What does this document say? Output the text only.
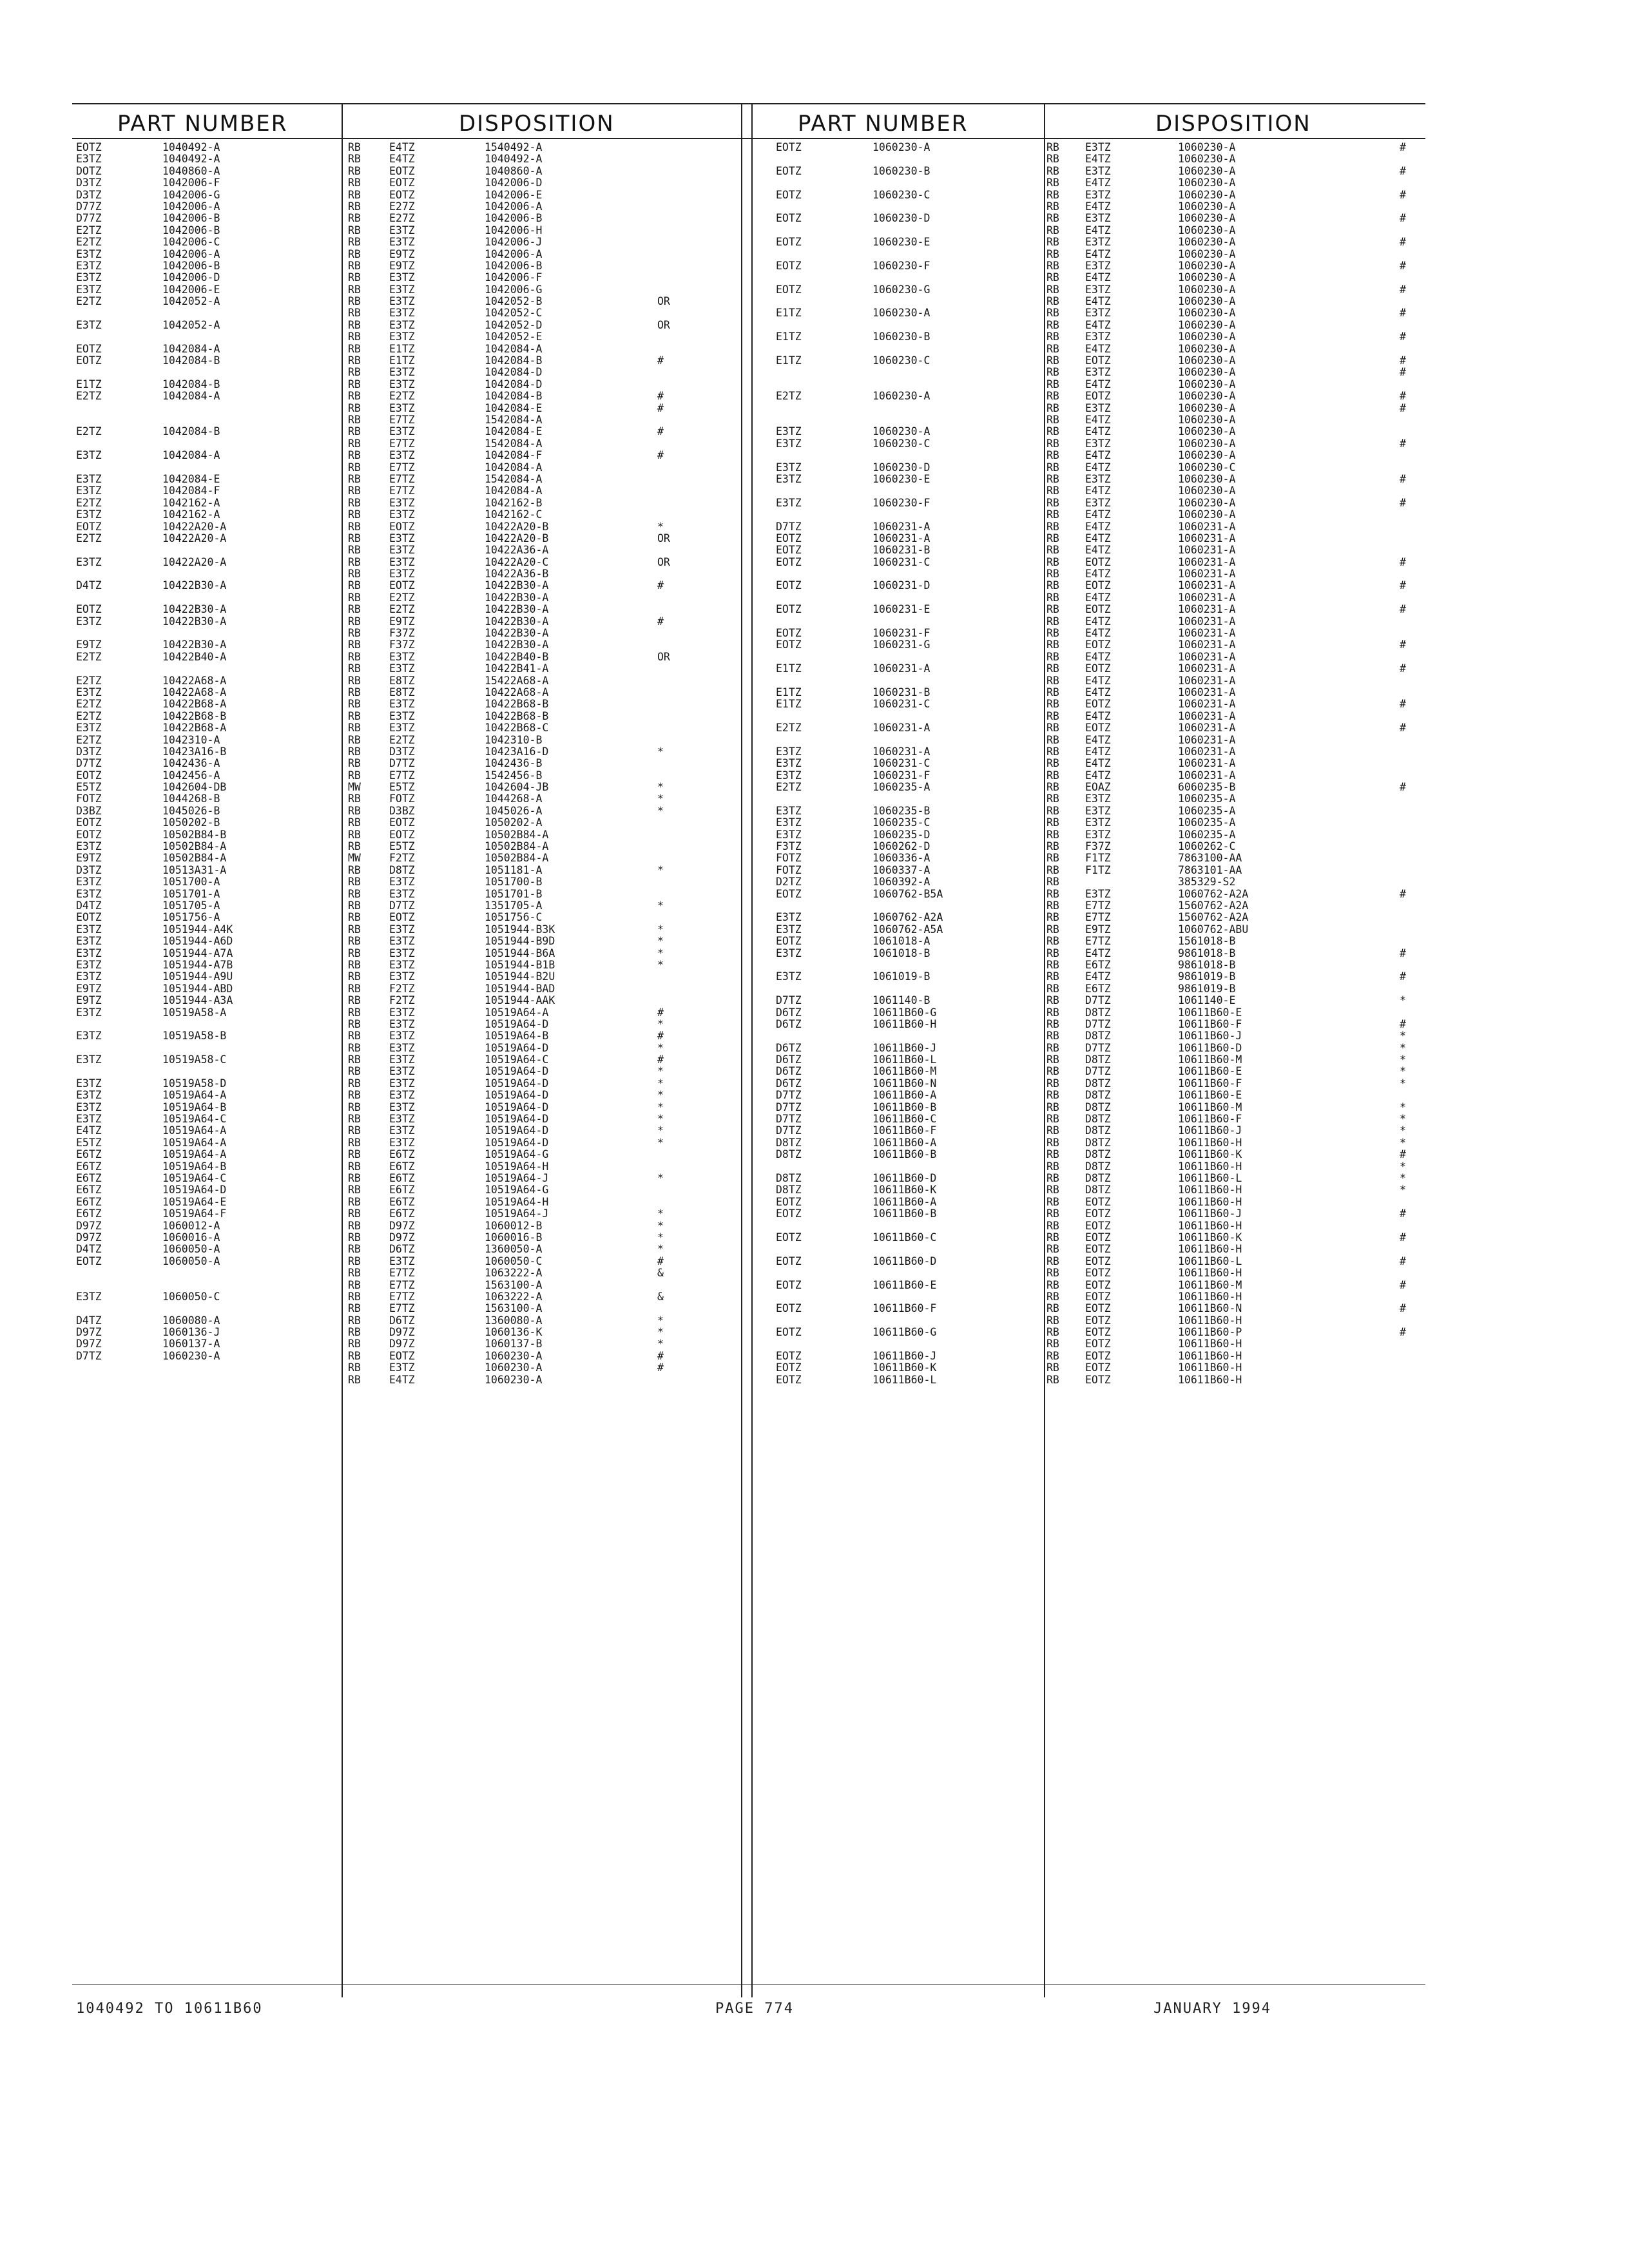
PART NUMBER	DISPOSITION
EOTZ	1040492-A	RB	E4TZ	1540492-A
E3TZ	1040492-A	RB	E4TZ	1040492-A
DOTZ	1040860-A	RB	EOTZ	1040860-A
D3TZ	1042006-F	RB	EOTZ	1042006-D
D3TZ	1042006-G	RB	EOTZ	1042006-E
D77Z	1042006-A	RB	E27Z	1042006-A
D77Z	1042006-B	RB	E27Z	1042006-B
E2TZ	1042006-B	RB	E3TZ	1042006-H
E2TZ	1042006-C	RB	E3TZ	1042006-J
E3TZ	1042006-A	RB	E9TZ	1042006-A
E3TZ	1042006-B	RB	E9TZ	1042006-B
E3TZ	1042006-D	RB	E3TZ	1042006-F
E3TZ	1042006-E	RB	E3TZ	1042006-G
E2TZ	1042052-A	RB	E3TZ	1042052-B	OR
RB	E3TZ	1042052-C
E3TZ	1042052-A	RB	E3TZ	1042052-D	OR
RB	E3TZ	1042052-E
EOTZ	1042084-A	RB	E1TZ	1042084-A
EOTZ	1042084-B	RB	E1TZ	1042084-B	#
RB	E3TZ	1042084-D
E1TZ	1042084-B	RB	E3TZ	1042084-D
E2TZ	1042084-A	RB	E2TZ	1042084-B	#
RB	E3TZ	1042084-E	#
RB	E7TZ	1542084-A
E2TZ	1042084-B	RB	E3TZ	1042084-E	#
RB	E7TZ	1542084-A
E3TZ	1042084-A	RB	E3TZ	1042084-F	#
RB	E7TZ	1042084-A
E3TZ	1042084-E	RB	E7TZ	1542084-A
E3TZ	1042084-F	RB	E7TZ	1042084-A
E2TZ	1042162-A	RB	E3TZ	1042162-B
E3TZ	1042162-A	RB	E3TZ	1042162-C
EOTZ	10422A20-A	RB	EOTZ	10422A20-B	*
E2TZ	10422A20-A	RB	E3TZ	10422A20-B	OR
RB	E3TZ	10422A36-A
E3TZ	10422A20-A	RB	E3TZ	10422A20-C	OR
RB	E3TZ	10422A36-B
D4TZ	10422B30-A	RB	EOTZ	10422B30-A	#
RB	E2TZ	10422B30-A
EOTZ	10422B30-A	RB	E2TZ	10422B30-A
E3TZ	10422B30-A	RB	E9TZ	10422B30-A	#
RB	F37Z	10422B30-A
E9TZ	10422B30-A	RB	F37Z	10422B30-A
E2TZ	10422B40-A	RB	E3TZ	10422B40-B	OR
RB	E3TZ	10422B41-A
E2TZ	10422A68-A	RB	E8TZ	15422A68-A
E3TZ	10422A68-A	RB	E8TZ	10422A68-A
E2TZ	10422B68-A	RB	E3TZ	10422B68-B
E2TZ	10422B68-B	RB	E3TZ	10422B68-B
E3TZ	10422B68-A	RB	E3TZ	10422B68-C
E2TZ	1042310-A	RB	E2TZ	1042310-B
D3TZ	10423A16-B	RB	D3TZ	10423A16-D	*
D7TZ	1042436-A	RB	D7TZ	1042436-B
EOTZ	1042456-A	RB	E7TZ	1542456-B
E5TZ	1042604-DB	MW	E5TZ	1042604-JB	*
FOTZ	1044268-B	RB	FOTZ	1044268-A	*
D3BZ	1045026-B	RB	D3BZ	1045026-A	*
EOTZ	1050202-B	RB	EOTZ	1050202-A
EOTZ	10502B84-B	RB	EOTZ	10502B84-A
E3TZ	10502B84-A	RB	E5TZ	10502B84-A
E9TZ	10502B84-A	MW	F2TZ	10502B84-A
D3TZ	10513A31-A	RB	D8TZ	1051181-A	*
E3TZ	1051700-A	RB	E3TZ	1051700-B
E3TZ	1051701-A	RB	E3TZ	1051701-B
D4TZ	1051705-A	RB	D7TZ	1351705-A	*
EOTZ	1051756-A	RB	EOTZ	1051756-C
E3TZ	1051944-A4K	RB	E3TZ	1051944-B3K	*
E3TZ	1051944-A6D	RB	E3TZ	1051944-B9D	*
E3TZ	1051944-A7A	RB	E3TZ	1051944-B6A	*
E3TZ	1051944-A7B	RB	E3TZ	1051944-B1B	*
E3TZ	1051944-A9U	RB	E3TZ	1051944-B2U
E9TZ	1051944-ABD	RB	F2TZ	1051944-BAD
E9TZ	1051944-A3A	RB	F2TZ	1051944-AAK
E3TZ	10519A58-A	RB	E3TZ	10519A64-A	#
RB	E3TZ	10519A64-D	*
E3TZ	10519A58-B	RB	E3TZ	10519A64-B	#
RB	E3TZ	10519A64-D	*
E3TZ	10519A58-C	RB	E3TZ	10519A64-C	#
RB	E3TZ	10519A64-D	*
E3TZ	10519A58-D	RB	E3TZ	10519A64-D	*
E3TZ	10519A64-A	RB	E3TZ	10519A64-D	*
E3TZ	10519A64-B	RB	E3TZ	10519A64-D	*
E3TZ	10519A64-C	RB	E3TZ	10519A64-D	*
E4TZ	10519A64-A	RB	E3TZ	10519A64-D	*
E5TZ	10519A64-A	RB	E3TZ	10519A64-D	*
E6TZ	10519A64-A	RB	E6TZ	10519A64-G
E6TZ	10519A64-B	RB	E6TZ	10519A64-H
E6TZ	10519A64-C	RB	E6TZ	10519A64-J	*
E6TZ	10519A64-D	RB	E6TZ	10519A64-G
E6TZ	10519A64-E	RB	E6TZ	10519A64-H
E6TZ	10519A64-F	RB	E6TZ	10519A64-J	*
D97Z	1060012-A	RB	D97Z	1060012-B	*
D97Z	1060016-A	RB	D97Z	1060016-B	*
D4TZ	1060050-A	RB	D6TZ	1360050-A	*
EOTZ	1060050-A	RB	E3TZ	1060050-C	#
RB	E7TZ	1063222-A	&
RB	E7TZ	1563100-A
E3TZ	1060050-C	RB	E7TZ	1063222-A	&
RB	E7TZ	1563100-A
D4TZ	1060080-A	RB	D6TZ	1360080-A	*
D97Z	1060136-J	RB	D97Z	1060136-K	*
D97Z	1060137-A	RB	D97Z	1060137-B	*
D7TZ	1060230-A	RB	EOTZ	1060230-A	#
RB	E3TZ	1060230-A	#
RB	E4TZ	1060230-A
PART NUMBER	DISPOSITION
EOTZ	1060230-A	RB E3TZ	1060230-A	#
RB E4TZ	1060230-A
EOTZ	1060230-B	RB E3TZ	1060230-A	#
RB E4TZ	1060230-A
EOTZ	1060230-C	RB E3TZ	1060230-A	#
RB E4TZ	1060230-A
EOTZ	1060230-D	RB E3TZ	1060230-A	#
RB E4TZ	1060230-A
EOTZ	1060230-E	RB E3TZ	1060230-A	#
RB E4TZ	1060230-A
EOTZ	1060230-F	RB E3TZ	1060230-A	#
RB E4TZ	1060230-A
EOTZ	1060230-G	RB E3TZ	1060230-A	#
RB E4TZ	1060230-A
E1TZ	1060230-A	RB E3TZ	1060230-A	#
RB E4TZ	1060230-A
E1TZ	1060230-B	RB E3TZ	1060230-A	#
RB E4TZ	1060230-A
E1TZ	1060230-C	RB EOTZ	1060230-A	#
RB E3TZ	1060230-A	#
RB E4TZ	1060230-A
E2TZ	1060230-A	RB EOTZ	1060230-A	#
RB E3TZ	1060230-A	#
RB E4TZ	1060230-A
E3TZ	1060230-A	RB E4TZ	1060230-A
E3TZ	1060230-C	RB E3TZ	1060230-A	#
RB E4TZ	1060230-A
E3TZ	1060230-D	RB E4TZ	1060230-C
E3TZ	1060230-E	RB E3TZ	1060230-A	#
RB E4TZ	1060230-A
E3TZ	1060230-F	RB E3TZ	1060230-A	#
RB E4TZ	1060230-A
D7TZ	1060231-A	RB E4TZ	1060231-A
EOTZ	1060231-A	RB E4TZ	1060231-A
EOTZ	1060231-B	RB E4TZ	1060231-A
EOTZ	1060231-C	RB EOTZ	1060231-A	#
RB E4TZ	1060231-A
EOTZ	1060231-D	RB EOTZ	1060231-A	#
RB E4TZ	1060231-A
EOTZ	1060231-E	RB EOTZ	1060231-A	#
RB E4TZ	1060231-A
EOTZ	1060231-F	RB E4TZ	1060231-A
EOTZ	1060231-G	RB EOTZ	1060231-A	#
RB E4TZ	1060231-A
E1TZ	1060231-A	RB EOTZ	1060231-A	#
RB E4TZ	1060231-A
E1TZ	1060231-B	RB E4TZ	1060231-A
E1TZ	1060231-C	RB EOTZ	1060231-A	#
RB E4TZ	1060231-A
E2TZ	1060231-A	RB EOTZ	1060231-A	#
RB E4TZ	1060231-A
E3TZ	1060231-A	RB E4TZ	1060231-A
E3TZ	1060231-C	RB E4TZ	1060231-A
E3TZ	1060231-F	RB E4TZ	1060231-A
E2TZ	1060235-A	RB EOAZ	6060235-B	#
RB E3TZ	1060235-A
E3TZ	1060235-B	RB E3TZ	1060235-A
E3TZ	1060235-C	RB E3TZ	1060235-A
E3TZ	1060235-D	RB E3TZ	1060235-A
F3TZ	1060262-D	RB F37Z	1060262-C
FOTZ	1060336-A	RB F1TZ	7863100-AA
FOTZ	1060337-A	RB F1TZ	7863101-AA
D2TZ	1060392-A	RB	385329-S2
EOTZ	1060762-B5A	RB E3TZ	1060762-A2A	#
RB E7TZ	1560762-A2A
E3TZ	1060762-A2A	RB E7TZ	1560762-A2A
E3TZ	1060762-A5A	RB E9TZ	1060762-ABU
EOTZ	1061018-A	RB E7TZ	1561018-B
E3TZ	1061018-B	RB E4TZ	9861018-B	#
RB E6TZ	9861018-B
E3TZ	1061019-B	RB E4TZ	9861019-B	#
RB E6TZ	9861019-B
D7TZ	1061140-B	RB D7TZ	1061140-E	*
D6TZ	10611B60-G	RB D8TZ	10611B60-E
D6TZ	10611B60-H	RB D7TZ	10611B60-F	#
RB D8TZ	10611B60-J	*
D6TZ	10611B60-J	RB D7TZ	10611B60-D	*
D6TZ	10611B60-L	RB D8TZ	10611B60-M	*
D6TZ	10611B60-M	RB D7TZ	10611B60-E	*
D6TZ	10611B60-N	RB D8TZ	10611B60-F	*
D7TZ	10611B60-A	RB D8TZ	10611B60-E
D7TZ	10611B60-B	RB D8TZ	10611B60-M	*
D7TZ	10611B60-C	RB D8TZ	10611B60-F	*
D7TZ	10611B60-F	RB D8TZ	10611B60-J	*
D8TZ	10611B60-A	RB D8TZ	10611B60-H	*
D8TZ	10611B60-B	RB D8TZ	10611B60-K	#
RB D8TZ	10611B60-H	*
D8TZ	10611B60-D	RB D8TZ	10611B60-L	*
D8TZ	10611B60-K	RB D8TZ	10611B60-H	*
EOTZ	10611B60-A	RB EOTZ	10611B60-H
EOTZ	10611B60-B	RB EOTZ	10611B60-J	#
RB EOTZ	10611B60-H
EOTZ	10611B60-C	RB EOTZ	10611B60-K	#
RB EOTZ	10611B60-H
EOTZ	10611B60-D	RB EOTZ	10611B60-L	#
RB EOTZ	10611B60-H
EOTZ	10611B60-E	RB EOTZ	10611B60-M	#
RB EOTZ	10611B60-H
EOTZ	10611B60-F	RB EOTZ	10611B60-N	#
RB EOTZ	10611B60-H
EOTZ	10611B60-G	RB EOTZ	10611B60-P	#
RB EOTZ	10611B60-H
EOTZ	10611B60-J	RB EOTZ	10611B60-H
EOTZ	10611B60-K	RB EOTZ	10611B60-H
EOTZ	10611B60-L	RB EOTZ	10611B60-H
1040492 TO 10611B60	PAGE 774	JANUARY 1994
